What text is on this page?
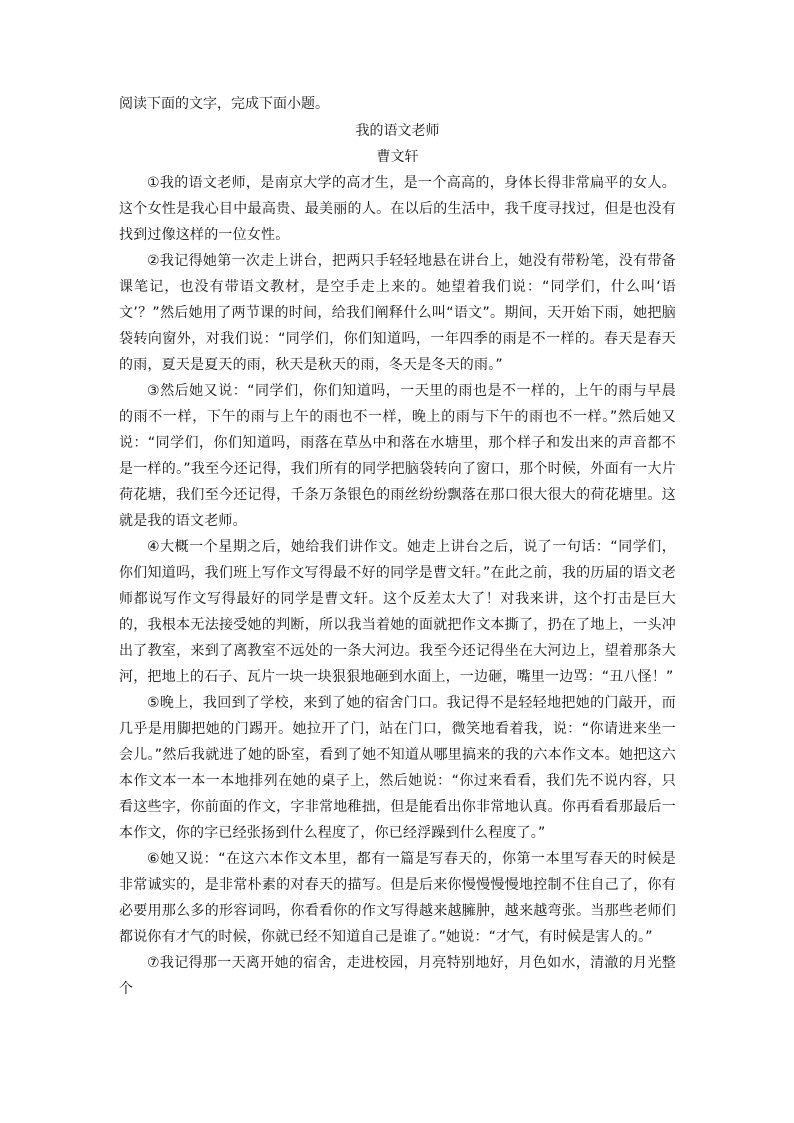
阅读下面的文字，完成下面小题。

我的语文老师

曹文轩

①我的语文老师，是南京大学的高才生，是一个高高的，身体长得非常扁平的女人。这个女性是我心目中最高贵、最美丽的人。在以后的生活中，我千度寻找过，但是也没有找到过像这样的一位女性。

②我记得她第一次走上讲台，把两只手轻轻地悬在讲台上，她没有带粉笔，没有带备课笔记，也没有带语文教材，是空手走上来的。她望着我们说：“同学们，什么叫‘语文’？”然后她用了两节课的时间，给我们阐释什么叫“语文”。期间，天开始下雨，她把脑袋转向窗外，对我们说：“同学们，你们知道吗，一年四季的雨是不一样的。春天是春天的雨，夏天是夏天的雨，秋天是秋天的雨，冬天是冬天的雨。”

③然后她又说：“同学们，你们知道吗，一天里的雨也是不一样的，上午的雨与早晨的雨不一样，下午的雨与上午的雨也不一样，晚上的雨与下午的雨也不一样。”然后她又说：“同学们，你们知道吗，雨落在草丛中和落在水塘里，那个样子和发出来的声音都不是一样的。”我至今还记得，我们所有的同学把脑袋转向了窗口，那个时候，外面有一大片荷花塘，我们至今还记得，千条万条银色的雨丝纷纷飘落在那口很大很大的荷花塘里。这就是我的语文老师。

④大概一个星期之后，她给我们讲作文。她走上讲台之后，说了一句话：“同学们，你们知道吗，我们班上写作文写得最不好的同学是曹文轩。”在此之前，我的历届的语文老师都说写作文写得最好的同学是曹文轩。这个反差太大了！对我来讲，这个打击是巨大的，我根本无法接受她的判断，所以我当着她的面就把作文本撕了，扔在了地上，一头冲出了教室，来到了离教室不远处的一条大河边。我至今还记得坐在大河边上，望着那条大河，把地上的石子、瓦片一块一块狠狠地砸到水面上，一边砸，嘴里一边骂：“丑八怪！”

⑤晚上，我回到了学校，来到了她的宿舍门口。我记得不是轻轻地把她的门敲开，而几乎是用脚把她的门踢开。她拉开了门，站在门口，微笑地看着我，说：“你请进来坐一会儿。”然后我就进了她的卧室，看到了她不知道从哪里搞来的我的六本作文本。她把这六本作文本一本一本地排列在她的桌子上，然后她说：“你过来看看，我们先不说内容，只看这些字，你前面的作文，字非常地稚拙，但是能看出你非常地认真。你再看看那最后一本作文，你的字已经张扬到什么程度了，你已经浮躁到什么程度了。”

⑥她又说：“在这六本作文本里，都有一篇是写春天的，你第一本里写春天的时候是非常诚实的，是非常朴素的对春天的描写。但是后来你慢慢慢慢地控制不住自己了，你有必要用那么多的形容词吗，你看看你的作文写得越来越臃肿，越来越弯张。当那些老师们都说你有才气的时候，你就已经不知道自己是谁了。”她说：“才气，有时候是害人的。”

⑦我记得那一天离开她的宿舍，走进校园，月亮特别地好，月色如水，清澈的月光整个
